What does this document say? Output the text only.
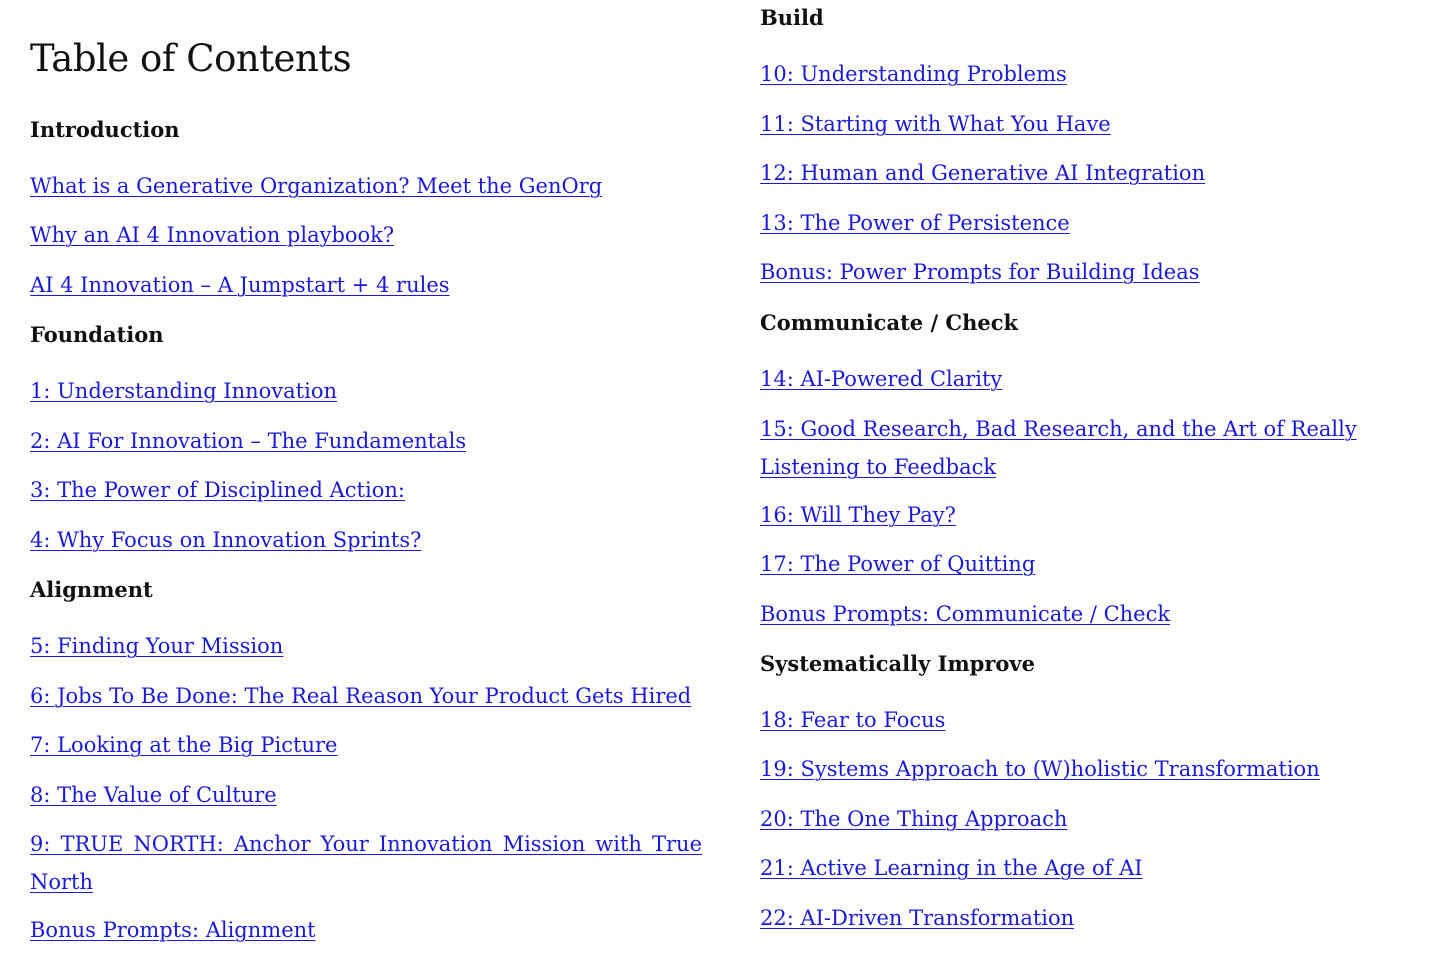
Table of Contents
Introduction
What is a Generative Organization? Meet the GenOrg
Why an AI 4 Innovation playbook?
AI 4 Innovation – A Jumpstart + 4 rules
Foundation
1: Understanding Innovation
2: AI For Innovation – The Fundamentals
3: The Power of Disciplined Action:
4: Why Focus on Innovation Sprints?
Alignment
5: Finding Your Mission
6: Jobs To Be Done: The Real Reason Your Product Gets Hired
7: Looking at the Big Picture
8: The Value of Culture
9: TRUE NORTH: Anchor Your Innovation Mission with True North
Bonus Prompts: Alignment
Build
10: Understanding Problems
11: Starting with What You Have
12: Human and Generative AI Integration
13: The Power of Persistence
Bonus: Power Prompts for Building Ideas
Communicate / Check
14: AI-Powered Clarity
15: Good Research, Bad Research, and the Art of Really Listening to Feedback
16: Will They Pay?
17: The Power of Quitting
Bonus Prompts: Communicate / Check
Systematically Improve
18: Fear to Focus
19: Systems Approach to (W)holistic Transformation
20: The One Thing Approach
21: Active Learning in the Age of AI
22: AI-Driven Transformation
